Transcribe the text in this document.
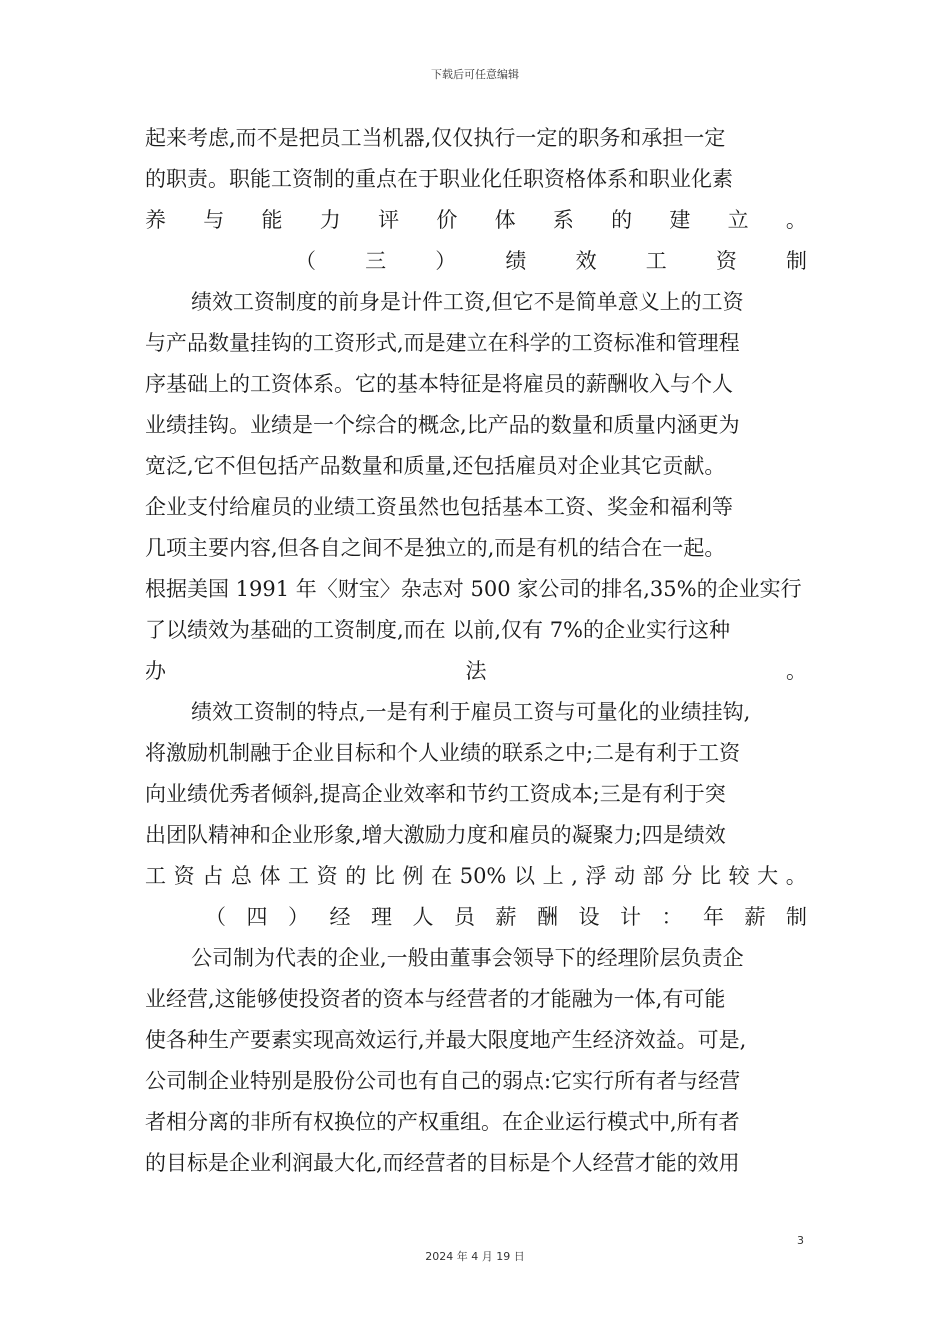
下载后可任意编辑
起来考虑,而不是把员工当机器,仅仅执行一定的职务和承担一定
的职责。职能工资制的重点在于职业化任职资格体系和职业化素
养 与 能 力 评 价 体 系 的 建 立 。
（ 三 ） 绩 效 工 资 制
绩效工资制度的前身是计件工资,但它不是简单意义上的工资
与产品数量挂钩的工资形式,而是建立在科学的工资标准和管理程
序基础上的工资体系。它的基本特征是将雇员的薪酬收入与个人
业绩挂钩。业绩是一个综合的概念,比产品的数量和质量内涵更为
宽泛,它不但包括产品数量和质量,还包括雇员对企业其它贡献。
企业支付给雇员的业绩工资虽然也包括基本工资、奖金和福利等
几项主要内容,但各自之间不是独立的,而是有机的结合在一起。
根据美国 1991 年〈财宝〉杂志对 500 家公司的排名,35%的企业实行
了以绩效为基础的工资制度,而在 以前,仅有 7%的企业实行这种
办	法	。
绩效工资制的特点,一是有利于雇员工资与可量化的业绩挂钩,
将激励机制融于企业目标和个人业绩的联系之中;二是有利于工资
向业绩优秀者倾斜,提高企业效率和节约工资成本;三是有利于突
出团队精神和企业形象,增大激励力度和雇员的凝聚力;四是绩效
工 资 占 总 体 工 资 的 比 例 在 50% 以 上 , 浮 动 部 分 比 较 大 。
（ 四 ） 经 理 人 员 薪 酬 设 计 ： 年 薪 制
公司制为代表的企业,一般由董事会领导下的经理阶层负责企
业经营,这能够使投资者的资本与经营者的才能融为一体,有可能
使各种生产要素实现高效运行,并最大限度地产生经济效益。可是,
公司制企业特别是股份公司也有自己的弱点:它实行所有者与经营
者相分离的非所有权换位的产权重组。在企业运行模式中,所有者
的目标是企业利润最大化,而经营者的目标是个人经营才能的效用
3
2024 年 4 月 19 日
